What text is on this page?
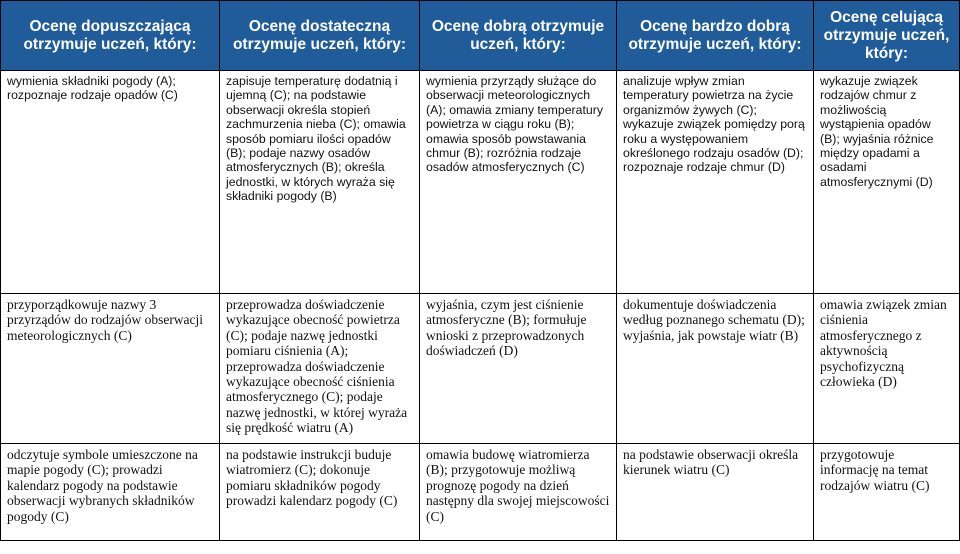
Ocenę dopuszczającą otrzymuje uczeń, który:	Ocenę dostateczną otrzymuje uczeń, który:	Ocenę dobrą otrzymuje uczeń, który:	Ocenę bardzo dobrą otrzymuje uczeń, który:	Ocenę celującą otrzymuje uczeń, który:
wymienia składniki pogody (A); rozpoznaje rodzaje opadów (C)	zapisuje temperaturę dodatnią i ujemną (C); na podstawie obserwacji określa stopień zachmurzenia nieba (C); omawia sposób pomiaru ilości opadów (B); podaje nazwy osadów atmosferycznych (B); określa jednostki, w których wyraża się składniki pogody (B)	wymienia przyrządy służące do obserwacji meteorologicznych (A); omawia zmiany temperatury powietrza w ciągu roku (B); omawia sposób powstawania chmur (B); rozróżnia rodzaje osadów atmosferycznych (C)	analizuje wpływ zmian temperatury powietrza na życie organizmów żywych (C); wykazuje związek pomiędzy porą roku a występowaniem określonego rodzaju osadów (D); rozpoznaje rodzaje chmur (D)	wykazuje związek rodzajów chmur z możliwością wystąpienia opadów (B); wyjaśnia różnice między opadami a osadami atmosferycznymi (D)
przyporządkowuje nazwy 3 przyrządów do rodzajów obserwacji meteorologicznych (C)	przeprowadza doświadczenie wykazujące obecność powietrza (C); podaje nazwę jednostki pomiaru ciśnienia (A); przeprowadza doświadczenie wykazujące obecność ciśnienia atmosferycznego (C); podaje nazwę jednostki, w której wyraża się prędkość wiatru (A)	wyjaśnia, czym jest ciśnienie atmosferyczne (B); formułuje wnioski z przeprowadzonych doświadczeń (D)	dokumentuje doświadczenia według poznanego schematu (D); wyjaśnia, jak powstaje wiatr (B)	omawia związek zmian ciśnienia atmosferycznego z aktywnością psychofizyczną człowieka (D)
odczytuje symbole umieszczone na mapie pogody (C); prowadzi kalendarz pogody na podstawie obserwacji wybranych składników pogody (C)	na podstawie instrukcji buduje wiatromierz (C); dokonuje pomiaru składników pogody prowadzi kalendarz pogody (C)	omawia budowę wiatromierza (B); przygotowuje możliwą prognozę pogody na dzień następny dla swojej miejscowości (C)	na podstawie obserwacji określa kierunek wiatru (C)	przygotowuje informację na temat rodzajów wiatru (C)
